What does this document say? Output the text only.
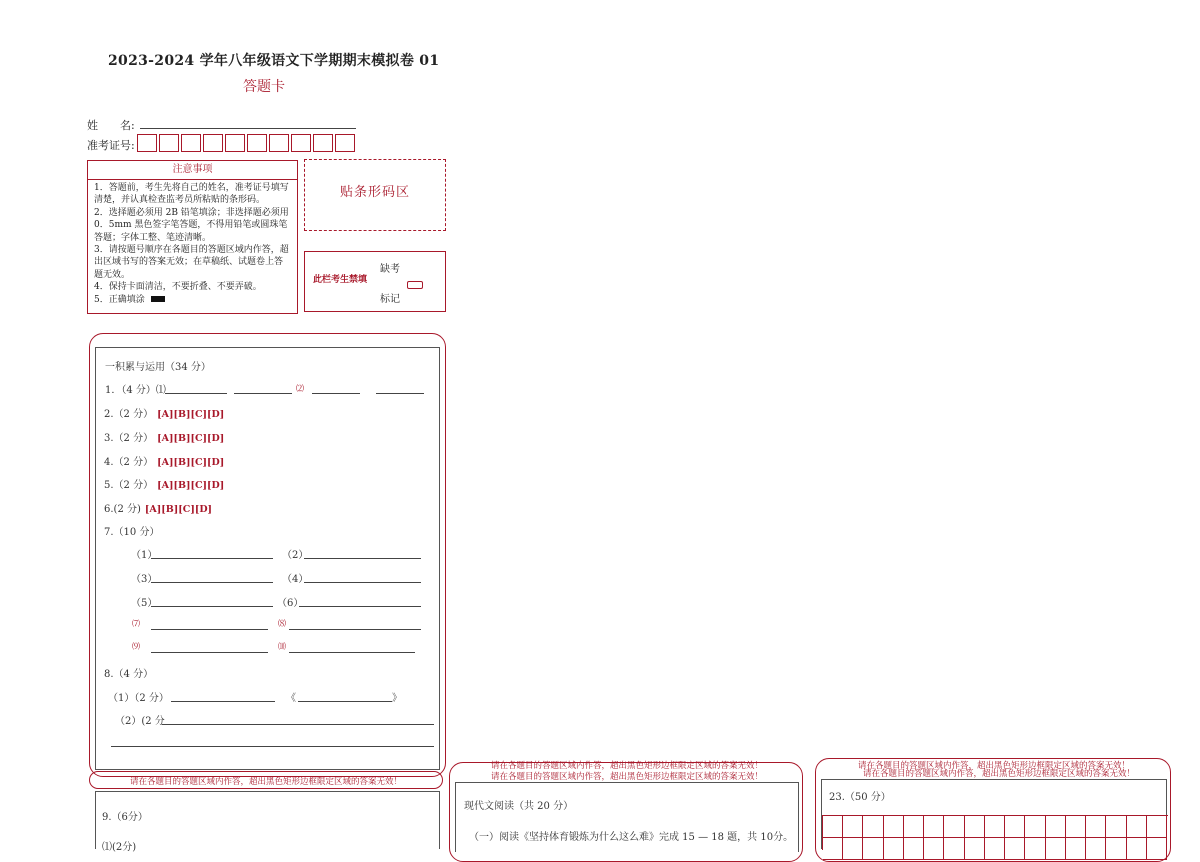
2023-2024 学年八年级语文下学期期末模拟卷 01
答题卡
姓　　名:
准考证号:
注意事项
1．答题前，考生先将自己的姓名，准考证号填写清楚，并认真检查监考员所粘贴的条形码。
2．选择题必须用 2B 铅笔填涂；非选择题必须用 0．5mm 黑色签字笔答题，不得用铅笔或圆珠笔答题；字体工整、笔迹清晰。
3．请按题号顺序在各题目的答题区域内作答，超出区域书写的答案无效；在草稿纸、试题卷上答题无效。
4．保持卡面清洁，不要折叠、不要弄破。
5．正确填涂
贴条形码区
此栏考生禁填
缺考
标记
一积累与运用（34 分）
1．（4 分）⑴	⑵
2.（2 分） [A][B][C][D]
3.（2 分） [A][B][C][D]
4.（2 分） [A][B][C][D]
5.（2 分） [A][B][C][D]
6.(2 分) [A][B][C][D]
7.（10 分）
（1）	（2）
（3）	（4）
（5）	（6）
⑺	⑻
⑼	⑽
8.（4 分）
（1）（2 分）	《	》
（2）(2 分
请在各题目的答题区域内作答，超出黑色矩形边框限定区域的答案无效！
9.（6分）
⑴(2分)
请在各题目的答题区域内作答，超出黑色矩形边框限定区域的答案无效！
请在各题目的答题区域内作答，超出黑色矩形边框限定区域的答案无效！
现代文阅读（共 20 分）
（一）阅读《坚持体育锻炼为什么这么难》完成 15 — 18 题，共 10分。
请在各题目的答题区域内作答，超出黑色矩形边框限定区域的答案无效！
请在各题目的答题区域内作答，超出黑色矩形边框限定区域的答案无效！
23.（50 分）
